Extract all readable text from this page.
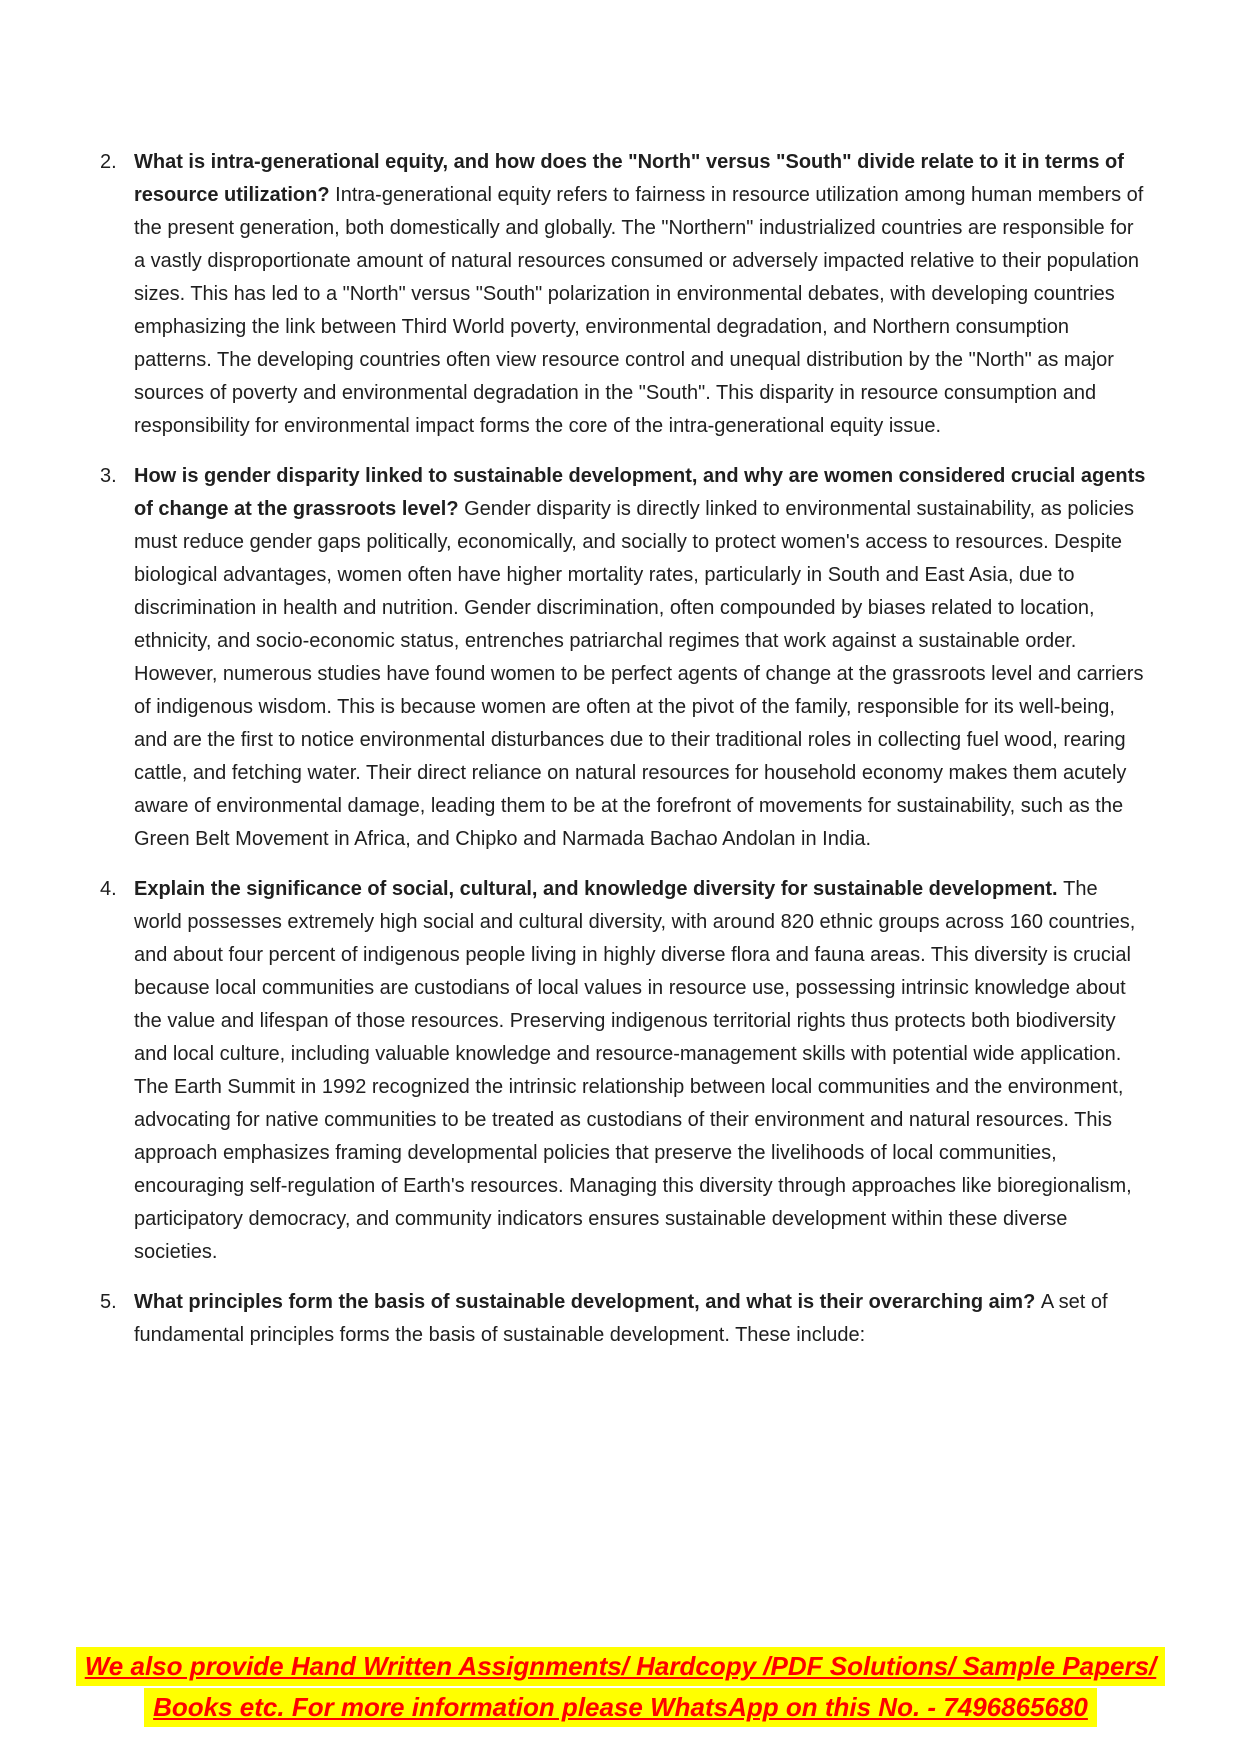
2. What is intra-generational equity, and how does the "North" versus "South" divide relate to it in terms of resource utilization? Intra-generational equity refers to fairness in resource utilization among human members of the present generation, both domestically and globally. The "Northern" industrialized countries are responsible for a vastly disproportionate amount of natural resources consumed or adversely impacted relative to their population sizes. This has led to a "North" versus "South" polarization in environmental debates, with developing countries emphasizing the link between Third World poverty, environmental degradation, and Northern consumption patterns. The developing countries often view resource control and unequal distribution by the "North" as major sources of poverty and environmental degradation in the "South". This disparity in resource consumption and responsibility for environmental impact forms the core of the intra-generational equity issue.

3. How is gender disparity linked to sustainable development, and why are women considered crucial agents of change at the grassroots level? Gender disparity is directly linked to environmental sustainability, as policies must reduce gender gaps politically, economically, and socially to protect women's access to resources. Despite biological advantages, women often have higher mortality rates, particularly in South and East Asia, due to discrimination in health and nutrition. Gender discrimination, often compounded by biases related to location, ethnicity, and socio-economic status, entrenches patriarchal regimes that work against a sustainable order. However, numerous studies have found women to be perfect agents of change at the grassroots level and carriers of indigenous wisdom. This is because women are often at the pivot of the family, responsible for its well-being, and are the first to notice environmental disturbances due to their traditional roles in collecting fuel wood, rearing cattle, and fetching water. Their direct reliance on natural resources for household economy makes them acutely aware of environmental damage, leading them to be at the forefront of movements for sustainability, such as the Green Belt Movement in Africa, and Chipko and Narmada Bachao Andolan in India.

4. Explain the significance of social, cultural, and knowledge diversity for sustainable development. The world possesses extremely high social and cultural diversity, with around 820 ethnic groups across 160 countries, and about four percent of indigenous people living in highly diverse flora and fauna areas. This diversity is crucial because local communities are custodians of local values in resource use, possessing intrinsic knowledge about the value and lifespan of those resources. Preserving indigenous territorial rights thus protects both biodiversity and local culture, including valuable knowledge and resource-management skills with potential wide application. The Earth Summit in 1992 recognized the intrinsic relationship between local communities and the environment, advocating for native communities to be treated as custodians of their environment and natural resources. This approach emphasizes framing developmental policies that preserve the livelihoods of local communities, encouraging self-regulation of Earth's resources. Managing this diversity through approaches like bioregionalism, participatory democracy, and community indicators ensures sustainable development within these diverse societies.

5. What principles form the basis of sustainable development, and what is their overarching aim? A set of fundamental principles forms the basis of sustainable development. These include:

We also provide Hand Written Assignments/ Hardcopy /PDF Solutions/ Sample Papers/
Books etc. For more information please WhatsApp on this No. - 7496865680
